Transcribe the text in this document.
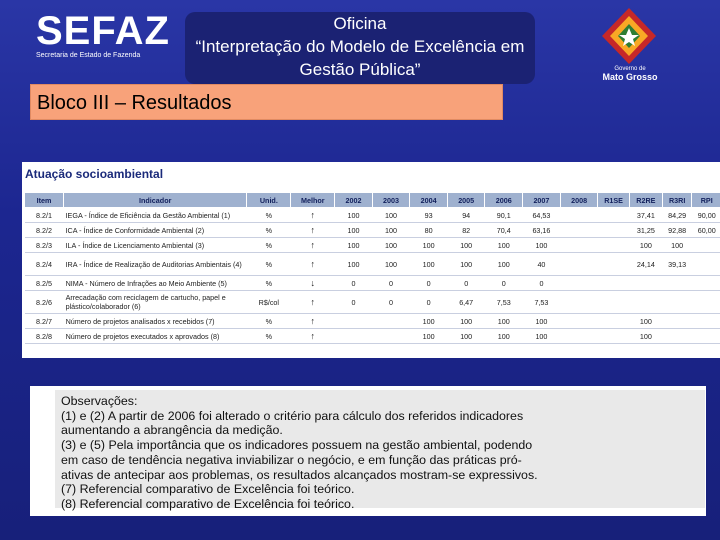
SEFAZ
Secretaria de Estado de Fazenda
Oficina
“Interpretação do Modelo de Excelência em
Gestão Pública”	Governo de
Mato Grosso
Bloco III – Resultados
Atuação socioambiental
Item	Indicador	Unid.	Melhor	2002	2003	2004	2005	2006	2007	2008	R1SE	R2RE	R3RI	RPI
8.2/1	IEGA - Índice de Eficiência da Gestão Ambiental (1)	%	↑	100	100	93	94	90,1	64,53			37,41	84,29	90,00
8.2/2	ICA - Índice de Conformidade Ambiental (2)	%	↑	100	100	80	82	70,4	63,16			31,25	92,88	60,00
8.2/3	ILA - Índice de Licenciamento Ambiental (3)	%	↑	100	100	100	100	100	100			100	100	
8.2/4	IRA - Índice de Realização de Auditorias Ambientais (4)	%	↑	100	100	100	100	100	40			24,14	39,13	
8.2/5	NIMA - Número de Infrações ao Meio Ambiente (5)	%	↓	0	0	0	0	0	0					
8.2/6	Arrecadação com reciclagem de cartucho, papel e plástico/colaborador (6)	R$/col	↑	0	0	0	6,47	7,53	7,53					
8.2/7	Número de projetos analisados x recebidos (7)	%	↑			100	100	100	100			100		
8.2/8	Número de projetos executados x aprovados (8)	%	↑			100	100	100	100			100		
Observações:
(1) e (2) A partir de 2006 foi alterado o critério para cálculo dos referidos indicadores
aumentando a abrangência da medição.
(3) e (5) Pela importância que os indicadores possuem na gestão ambiental, podendo
em caso de tendência negativa inviabilizar o negócio, e em função das práticas pró-
ativas de antecipar aos problemas, os resultados alcançados mostram-se expressivos.
(7) Referencial comparativo de Excelência foi teórico.
(8) Referencial comparativo de Excelência foi teórico.
